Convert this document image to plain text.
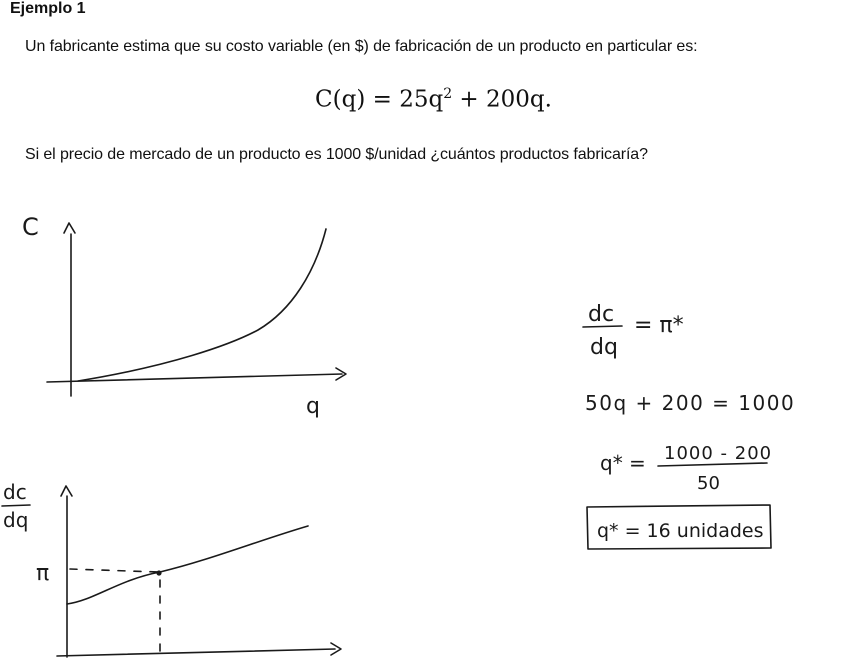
Ejemplo 1
Un fabricante estima que su costo variable (en $) de fabricación de un producto en particular es:
$C(q) = 25q^2 + 200q$.
Si el precio de mercado de un producto es 1000 $/unidad ¿cuántos productos fabricaría?
C
q
dc
dq
π
dc
dq
= π*
50q + 200 = 1000
q* = 1000 - 200
50
q* = 16 unidades
